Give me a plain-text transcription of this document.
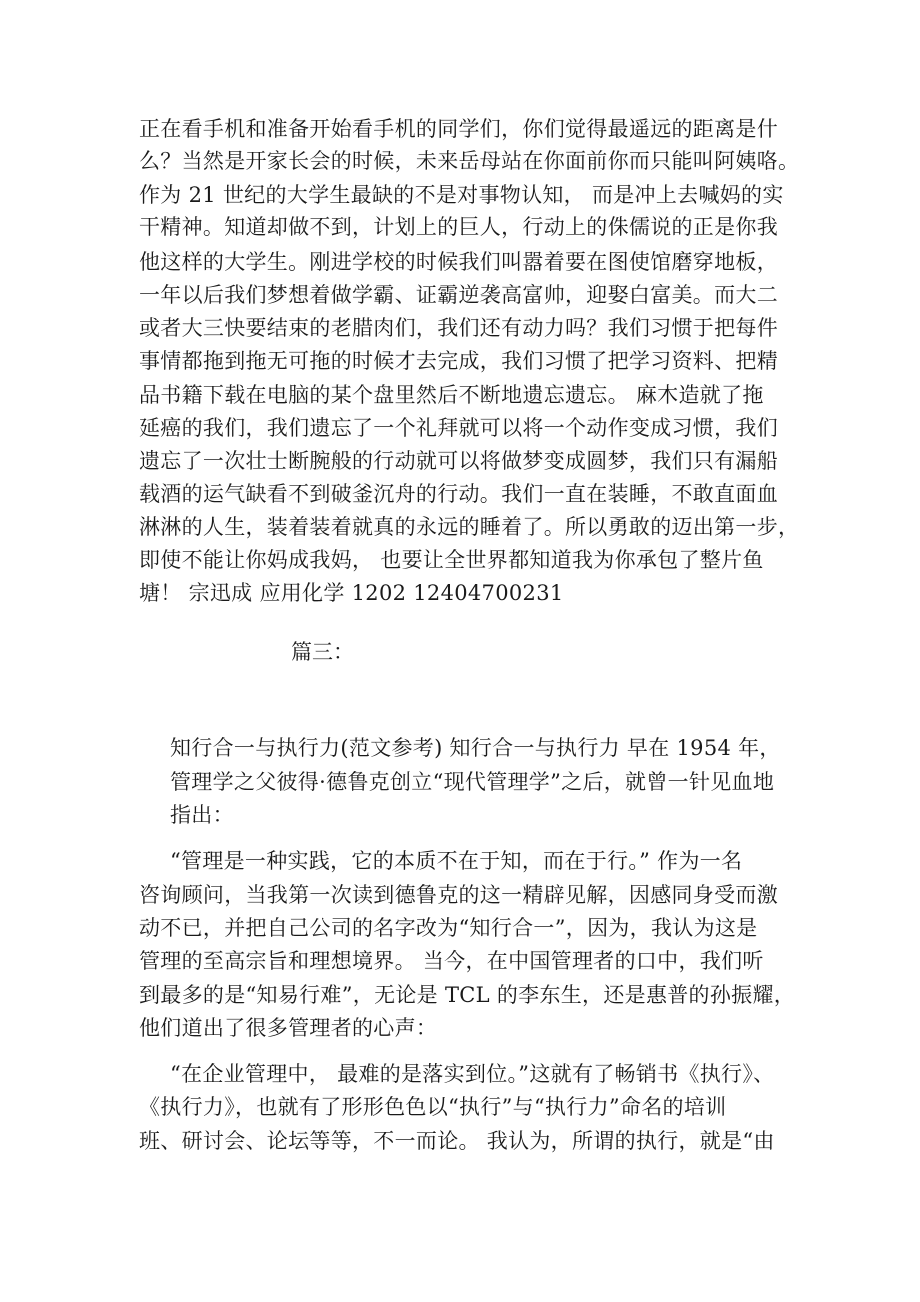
正在看手机和准备开始看手机的同学们，你们觉得最遥远的距离是什
么？当然是开家长会的时候，未来岳母站在你面前你而只能叫阿姨咯。
作为 21 世纪的大学生最缺的不是对事物认知， 而是冲上去喊妈的实
干精神。知道却做不到，计划上的巨人，行动上的侏儒说的正是你我
他这样的大学生。刚进学校的时候我们叫嚣着要在图使馆磨穿地板，
一年以后我们梦想着做学霸、证霸逆袭高富帅，迎娶白富美。而大二
或者大三快要结束的老腊肉们，我们还有动力吗？我们习惯于把每件
事情都拖到拖无可拖的时候才去完成，我们习惯了把学习资料、把精
品书籍下载在电脑的某个盘里然后不断地遗忘遗忘。 麻木造就了拖
延癌的我们，我们遗忘了一个礼拜就可以将一个动作变成习惯，我们
遗忘了一次壮士断腕般的行动就可以将做梦变成圆梦，我们只有漏船
载酒的运气缺看不到破釜沉舟的行动。我们一直在装睡，不敢直面血
淋淋的人生，装着装着就真的永远的睡着了。所以勇敢的迈出第一步，
即使不能让你妈成我妈， 也要让全世界都知道我为你承包了整片鱼
塘！ 宗迅成 应用化学 1202 12404700231
篇三：
知行合一与执行力(范文参考) 知行合一与执行力 早在 1954 年，
管理学之父彼得·德鲁克创立“现代管理学”之后，就曾一针见血地
指出：
“管理是一种实践，它的本质不在于知，而在于行。” 作为一名
咨询顾问，当我第一次读到德鲁克的这一精辟见解，因感同身受而激
动不已，并把自己公司的名字改为“知行合一”，因为，我认为这是
管理的至高宗旨和理想境界。 当今，在中国管理者的口中，我们听
到最多的是“知易行难”，无论是 TCL 的李东生，还是惠普的孙振耀，
他们道出了很多管理者的心声：
“在企业管理中， 最难的是落实到位。”这就有了畅销书《执行》、
《执行力》，也就有了形形色色以“执行”与“执行力”命名的培训
班、研讨会、论坛等等，不一而论。 我认为，所谓的执行，就是“由
